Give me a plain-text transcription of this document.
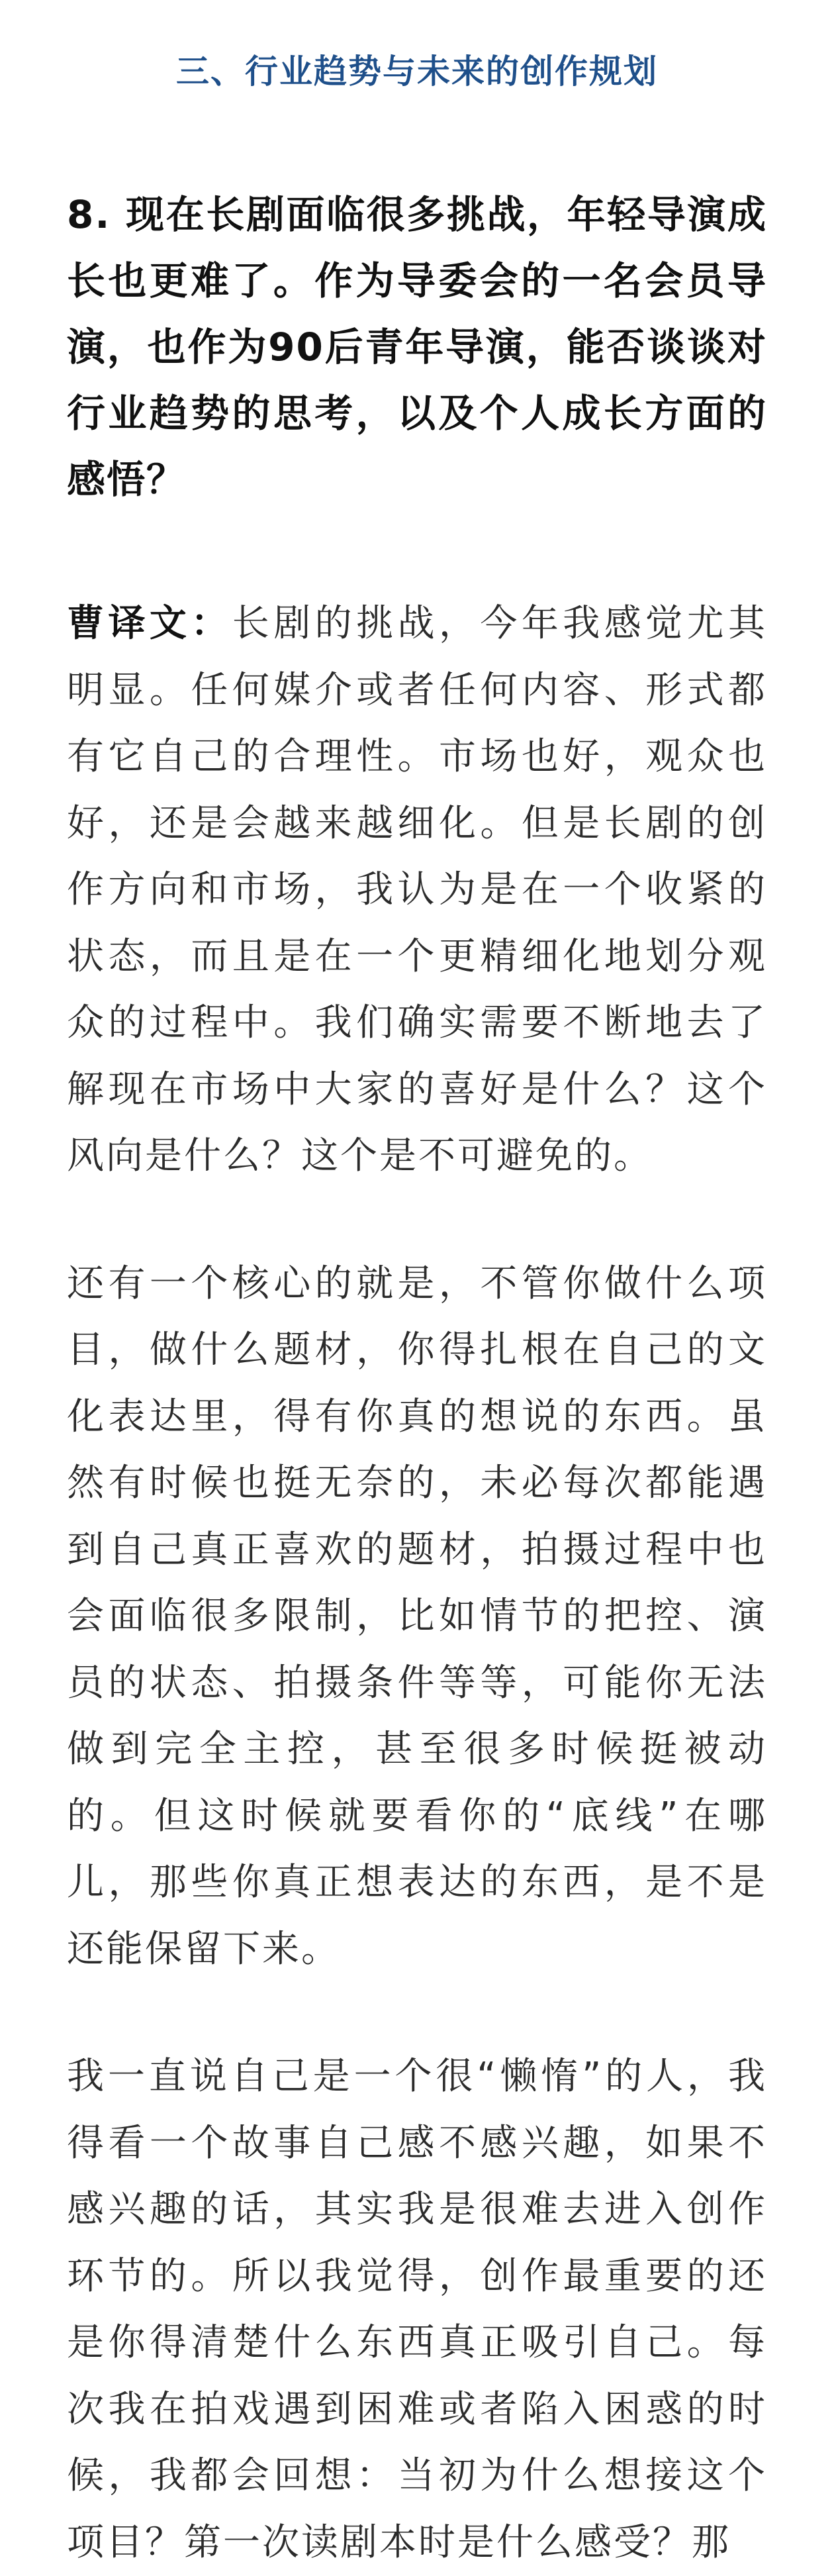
三、行业趋势与未来的创作规划

8. 现在长剧面临很多挑战，年轻导演成长也更难了。作为导委会的一名会员导演，也作为90后青年导演，能否谈谈对行业趋势的思考，以及个人成长方面的感悟？

曹译文：长剧的挑战，今年我感觉尤其明显。任何媒介或者任何内容、形式都有它自己的合理性。市场也好，观众也好，还是会越来越细化。但是长剧的创作方向和市场，我认为是在一个收紧的状态，而且是在一个更精细化地划分观众的过程中。我们确实需要不断地去了解现在市场中大家的喜好是什么？这个风向是什么？这个是不可避免的。

还有一个核心的就是，不管你做什么项目，做什么题材，你得扎根在自己的文化表达里，得有你真的想说的东西。虽然有时候也挺无奈的，未必每次都能遇到自己真正喜欢的题材，拍摄过程中也会面临很多限制，比如情节的把控、演员的状态、拍摄条件等等，可能你无法做到完全主控，甚至很多时候挺被动的。但这时候就要看你的“底线”在哪儿，那些你真正想表达的东西，是不是还能保留下来。

我一直说自己是一个很“懒惰”的人，我得看一个故事自己感不感兴趣，如果不感兴趣的话，其实我是很难去进入创作环节的。所以我觉得，创作最重要的还是你得清楚什么东西真正吸引自己。每次我在拍戏遇到困难或者陷入困惑的时候，我都会回想：当初为什么想接这个项目？第一次读剧本时是什么感受？那
